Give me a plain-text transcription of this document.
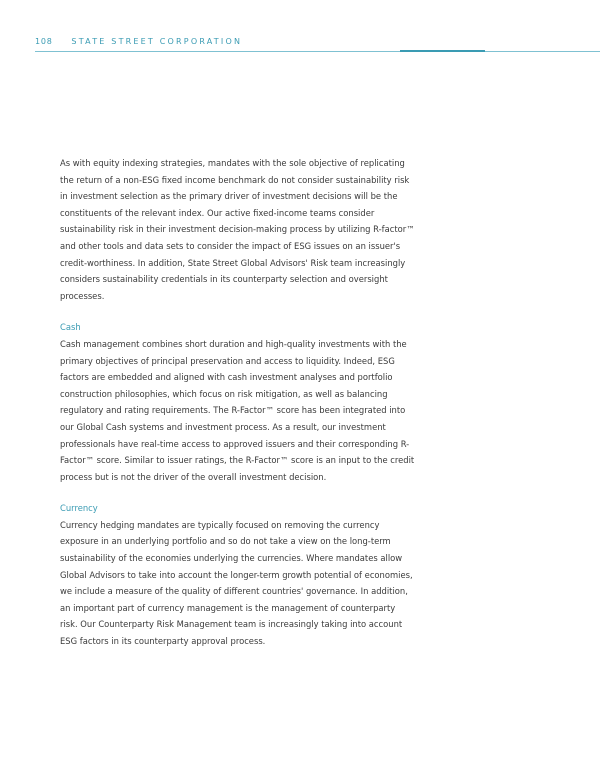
108 STATE STREET CORPORATION

As with equity indexing strategies, mandates with the sole objective of replicating the return of a non-ESG fixed income benchmark do not consider sustainability risk in investment selection as the primary driver of investment decisions will be the constituents of the relevant index. Our active fixed-income teams consider sustainability risk in their investment decision-making process by utilizing R-factor™ and other tools and data sets to consider the impact of ESG issues on an issuer's credit-worthiness. In addition, State Street Global Advisors' Risk team increasingly considers sustainability credentials in its counterparty selection and oversight processes.

Cash

Cash management combines short duration and high-quality investments with the primary objectives of principal preservation and access to liquidity. Indeed, ESG factors are embedded and aligned with cash investment analyses and portfolio construction philosophies, which focus on risk mitigation, as well as balancing regulatory and rating requirements. The R-Factor™ score has been integrated into our Global Cash systems and investment process. As a result, our investment professionals have real-time access to approved issuers and their corresponding R-Factor™ score. Similar to issuer ratings, the R-Factor™ score is an input to the credit process but is not the driver of the overall investment decision.

Currency

Currency hedging mandates are typically focused on removing the currency exposure in an underlying portfolio and so do not take a view on the long-term sustainability of the economies underlying the currencies. Where mandates allow Global Advisors to take into account the longer-term growth potential of economies, we include a measure of the quality of different countries' governance. In addition, an important part of currency management is the management of counterparty risk. Our Counterparty Risk Management team is increasingly taking into account ESG factors in its counterparty approval process.
